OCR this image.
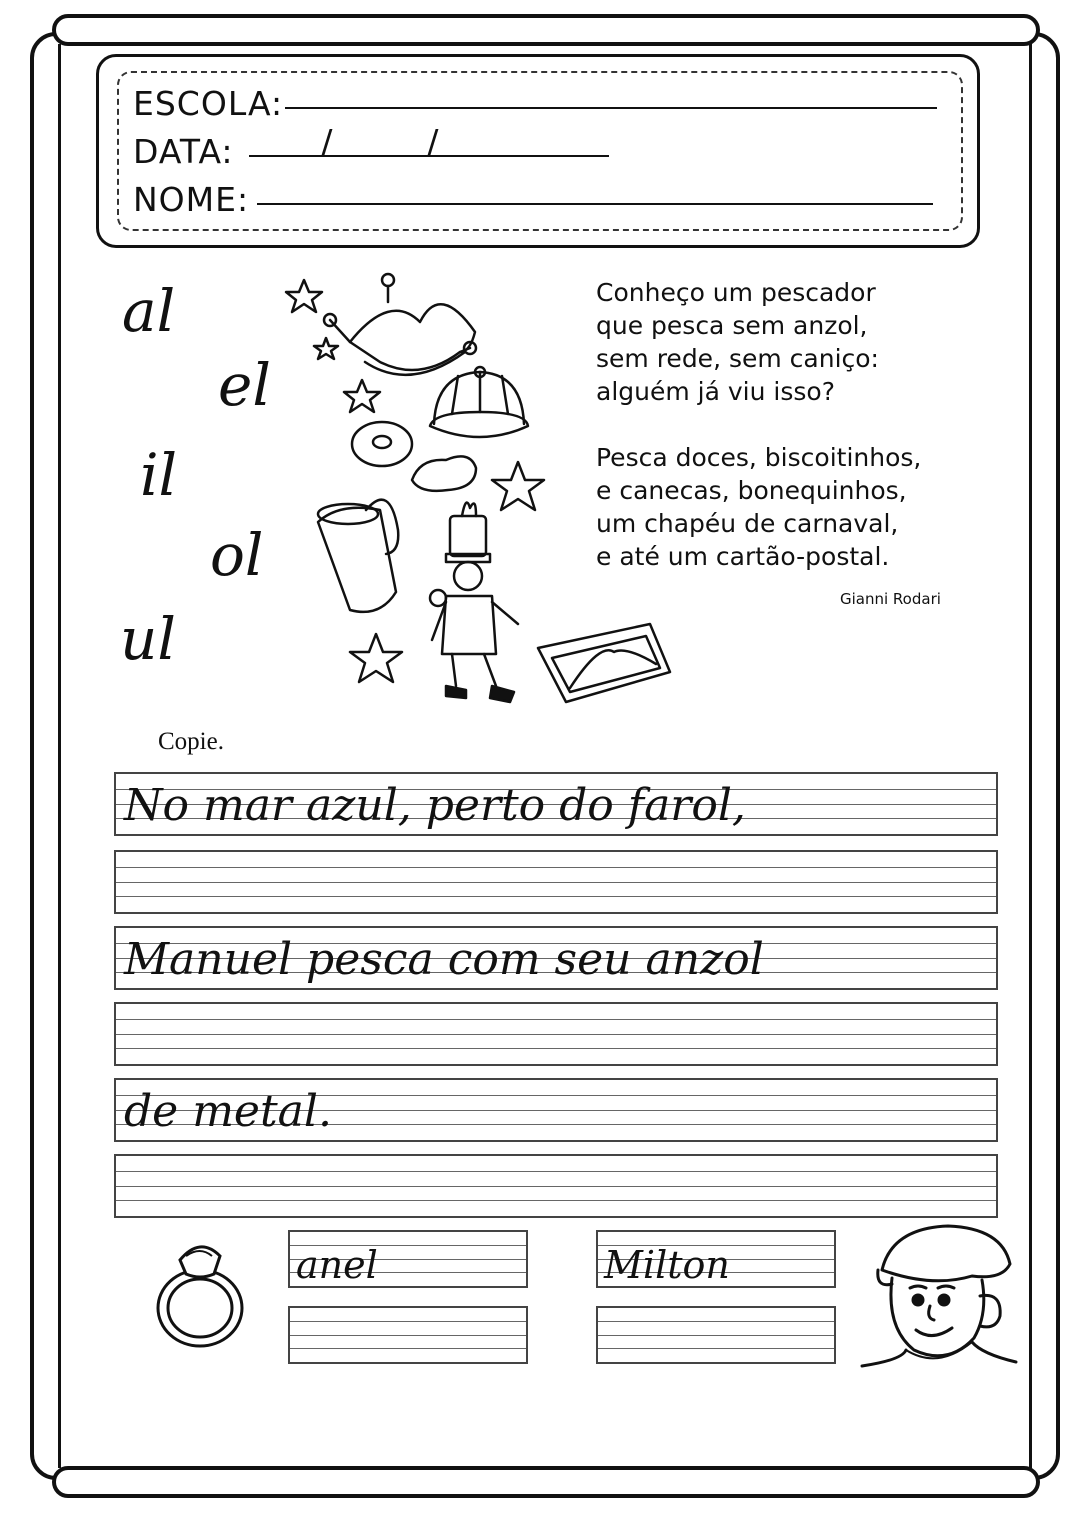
ESCOLA:
DATA:	/	/
NOME:
al
el
il
ol
ul

Conheço um pescador

que pesca sem anzol,

sem rede, sem caniço:

alguém já viu isso?

Pesca doces, biscoitinhos,

e canecas, bonequinhos,

um chapéu de carnaval,

e até um cartão-postal.

Gianni Rodari
Copie.
No mar azul, perto do farol,
Manuel pesca com seu anzol
de metal.
anel	Milton
